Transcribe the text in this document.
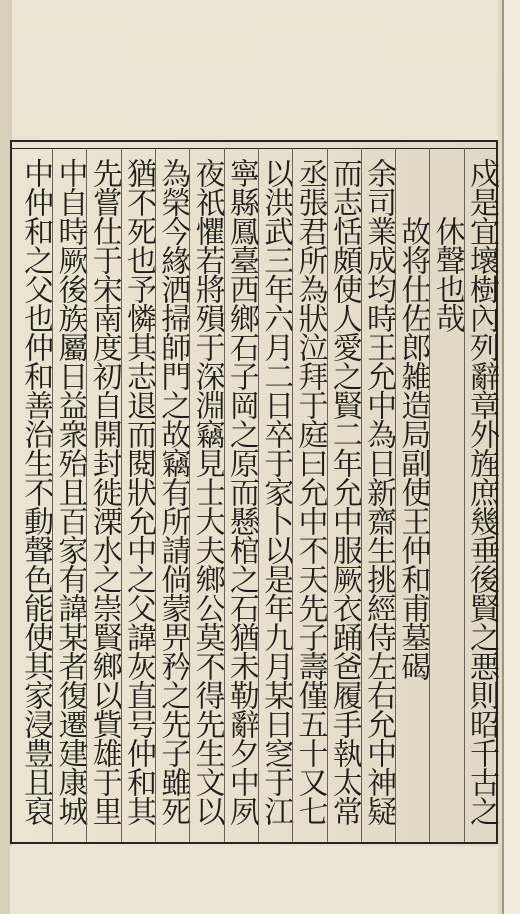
戍是宜壞樹內列辭章外旌庶幾垂後賢之悪則昭千古之
休聲也哉
　　故将仕佐郎雑造局副使王仲和甫墓碣
余司業成均時王允中為日新齋生挑經侍左右允中神疑
而志恬頗使人愛之賢二年允中服厥衣踊爸履手執太常
丞張君所為狀泣拜于庭曰允中不天先子壽僅五十又七
以洪武三年六月二日卒于家卜以是年九月某日窆于江
寧縣鳳臺西鄉石子岡之原而懸棺之石猶未勒辭夕中夙
夜祇懼若將殞于深淵竊見士大夫鄉公莫不得先生文以
為榮今緣洒掃師門之故竊有所請倘蒙畀矜之先子雖死
猶不死也予憐其志退而閱狀允中之父諱灰直号仲和其
先嘗仕于宋南度初自開封徙溧水之崇賢鄉以貲雄于里
中自時厥後族屬日益衆殆且百家有諱某者復遷建康城
中仲和之父也仲和善治生不動聲色能使其家浸豊且裒
